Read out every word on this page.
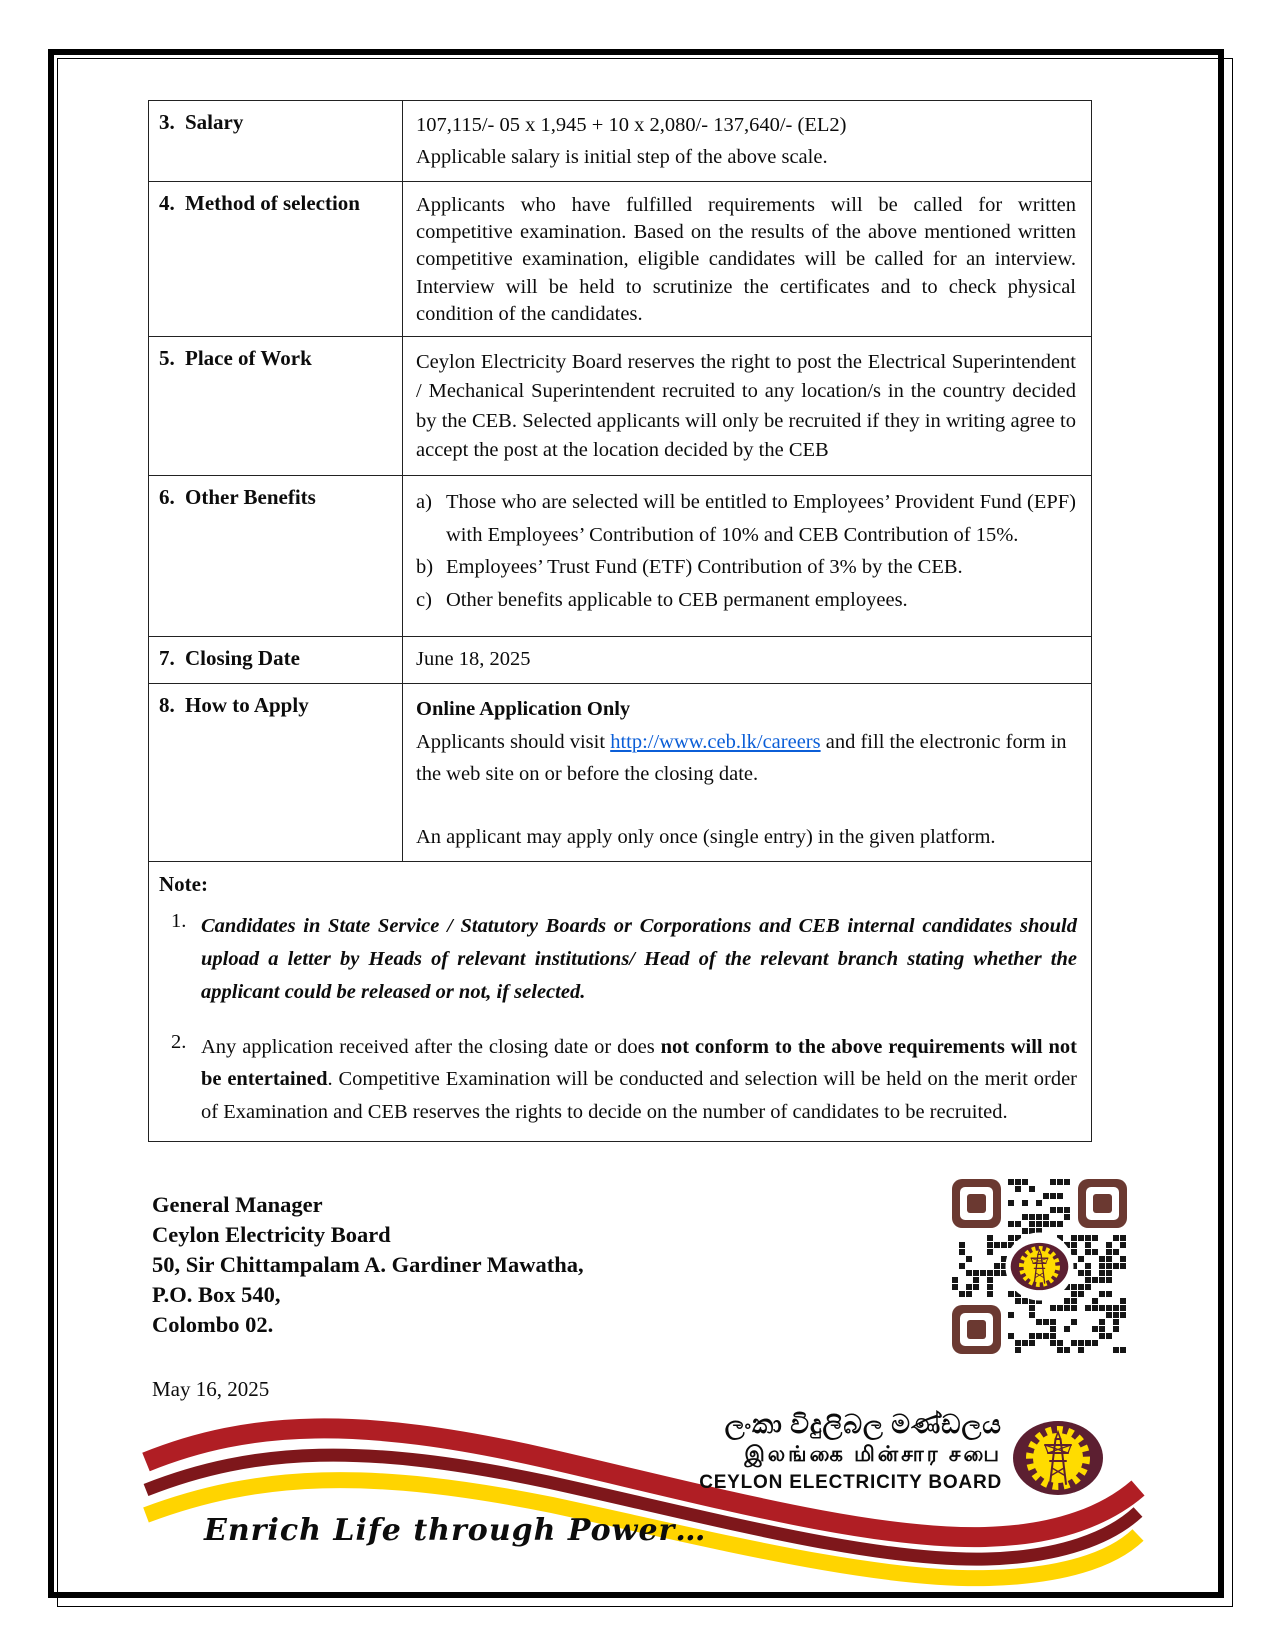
3. Salary	107,115/- 05 x 1,945 + 10 x 2,080/- 137,640/- (EL2)
Applicable salary is initial step of the above scale.
4. Method of selection	Applicants who have fulfilled requirements will be called for written competitive examination. Based on the results of the above mentioned written competitive examination, eligible candidates will be called for an interview. Interview will be held to scrutinize the certificates and to check physical condition of the candidates.
5. Place of Work	Ceylon Electricity Board reserves the right to post the Electrical Superintendent / Mechanical Superintendent recruited to any location/s in the country decided by the CEB. Selected applicants will only be recruited if they in writing agree to accept the post at the location decided by the CEB
6. Other Benefits	a) Those who are selected will be entitled to Employees’ Provident Fund (EPF) with Employees’ Contribution of 10% and CEB Contribution of 15%.
b) Employees’ Trust Fund (ETF) Contribution of 3% by the CEB.
c) Other benefits applicable to CEB permanent employees.
7. Closing Date	June 18, 2025
8. How to Apply	Online Application Only
Applicants should visit http://www.ceb.lk/careers and fill the electronic form in the web site on or before the closing date.
An applicant may apply only once (single entry) in the given platform.
Note:
1. Candidates in State Service / Statutory Boards or Corporations and CEB internal candidates should upload a letter by Heads of relevant institutions/ Head of the relevant branch stating whether the applicant could be released or not, if selected.
2. Any application received after the closing date or does not conform to the above requirements will not be entertained. Competitive Examination will be conducted and selection will be held on the merit order of Examination and CEB reserves the rights to decide on the number of candidates to be recruited.
General Manager
Ceylon Electricity Board
50, Sir Chittampalam A. Gardiner Mawatha,
P.O. Box 540,
Colombo 02.
May 16, 2025
ලංකා විදුලිබල මණ්ඩලය
இலங்கை மின்சார சபை
CEYLON ELECTRICITY BOARD
Enrich Life through Power…
